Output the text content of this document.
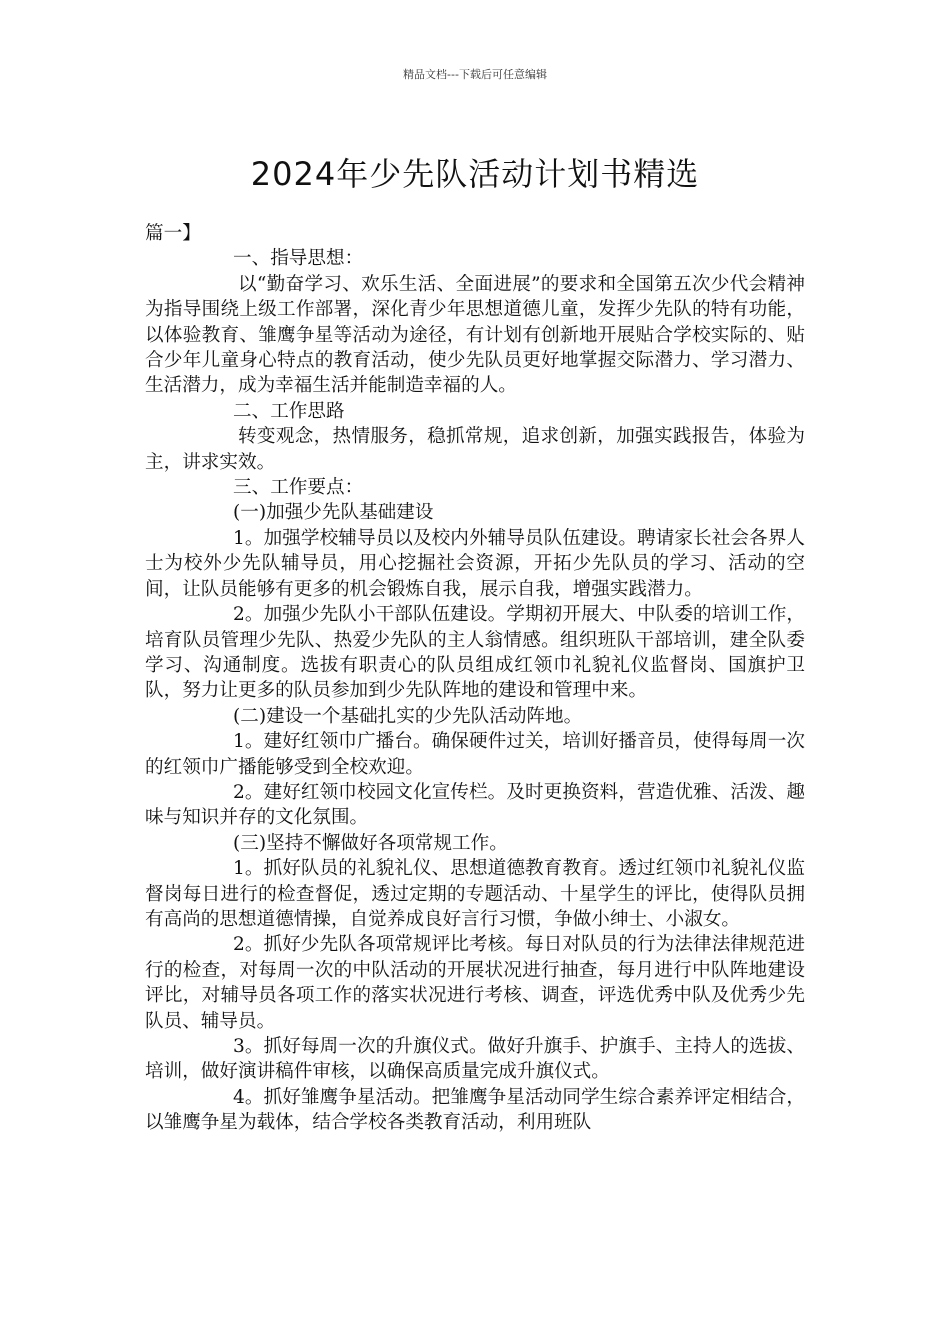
精品文档---下载后可任意编辑
2024年少先队活动计划书精选

篇一】

一、指导思想：

以“勤奋学习、欢乐生活、全面进展”的要求和全国第五次少代会精神为指导围绕上级工作部署，深化青少年思想道德儿童，发挥少先队的特有功能，以体验教育、雏鹰争星等活动为途径，有计划有创新地开展贴合学校实际的、贴合少年儿童身心特点的教育活动，使少先队员更好地掌握交际潜力、学习潜力、生活潜力，成为幸福生活并能制造幸福的人。

二、工作思路

转变观念，热情服务，稳抓常规，追求创新，加强实践报告，体验为主，讲求实效。

三、工作要点：

(一)加强少先队基础建设

1。加强学校辅导员以及校内外辅导员队伍建设。聘请家长社会各界人士为校外少先队辅导员，用心挖掘社会资源，开拓少先队员的学习、活动的空间，让队员能够有更多的机会锻炼自我，展示自我，增强实践潜力。

2。加强少先队小干部队伍建设。学期初开展大、中队委的培训工作，培育队员管理少先队、热爱少先队的主人翁情感。组织班队干部培训，建全队委学习、沟通制度。选拔有职责心的队员组成红领巾礼貌礼仪监督岗、国旗护卫队，努力让更多的队员参加到少先队阵地的建设和管理中来。

(二)建设一个基础扎实的少先队活动阵地。

1。建好红领巾广播台。确保硬件过关，培训好播音员，使得每周一次的红领巾广播能够受到全校欢迎。

2。建好红领巾校园文化宣传栏。及时更换资料，营造优雅、活泼、趣味与知识并存的文化氛围。

(三)坚持不懈做好各项常规工作。

1。抓好队员的礼貌礼仪、思想道德教育教育。透过红领巾礼貌礼仪监督岗每日进行的检查督促，透过定期的专题活动、十星学生的评比，使得队员拥有高尚的思想道德情操，自觉养成良好言行习惯，争做小绅士、小淑女。

2。抓好少先队各项常规评比考核。每日对队员的行为法律法律规范进行的检查，对每周一次的中队活动的开展状况进行抽查，每月进行中队阵地建设评比，对辅导员各项工作的落实状况进行考核、调查，评选优秀中队及优秀少先队员、辅导员。

3。抓好每周一次的升旗仪式。做好升旗手、护旗手、主持人的选拔、培训，做好演讲稿件审核，以确保高质量完成升旗仪式。

4。抓好雏鹰争星活动。把雏鹰争星活动同学生综合素养评定相结合，以雏鹰争星为载体，结合学校各类教育活动，利用班队
